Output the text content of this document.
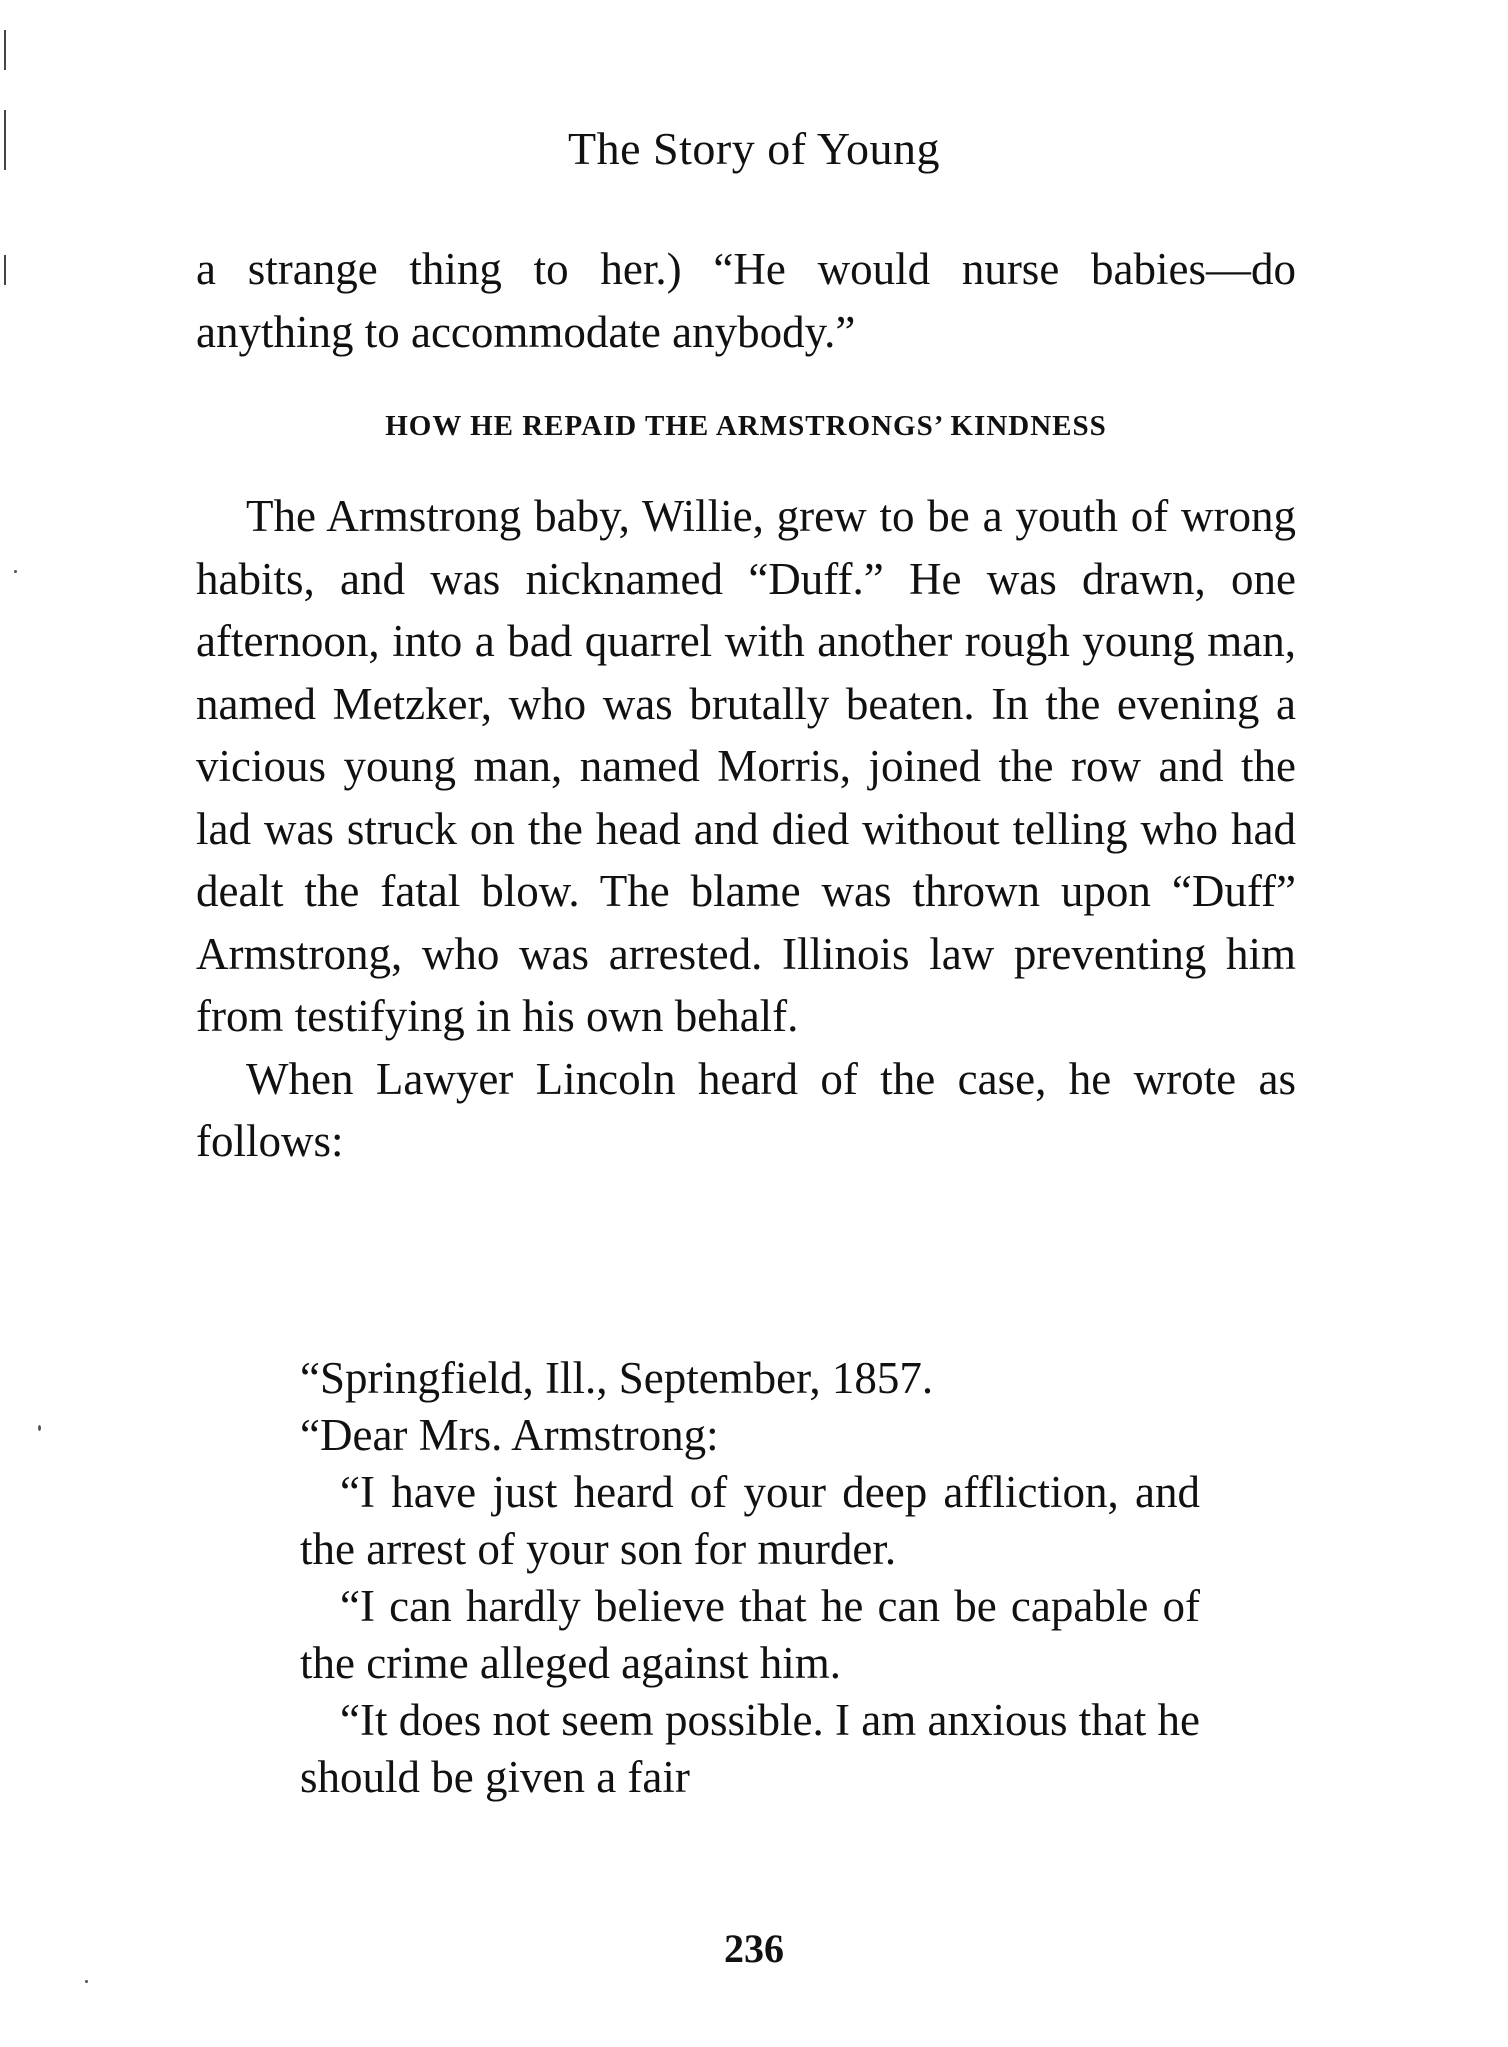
The Story of Young

a strange thing to her.) “He would nurse babies—do anything to accommodate anybody.”

HOW HE REPAID THE ARMSTRONGS’ KINDNESS

The Armstrong baby, Willie, grew to be a youth of wrong habits, and was nicknamed “Duff.” He was drawn, one afternoon, into a bad quarrel with another rough young man, named Metzker, who was brutally beaten. In the evening a vicious young man, named Morris, joined the row and the lad was struck on the head and died without telling who had dealt the fatal blow. The blame was thrown upon “Duff” Armstrong, who was arrested. Illinois law preventing him from testifying in his own behalf.

When Lawyer Lincoln heard of the case, he wrote as follows:

“Springfield, Ill., September, 1857.

“Dear Mrs. Armstrong:

“I have just heard of your deep affliction, and the arrest of your son for murder.

“I can hardly believe that he can be capable of the crime alleged against him.

“It does not seem possible. I am anxious that he should be given a fair

236
